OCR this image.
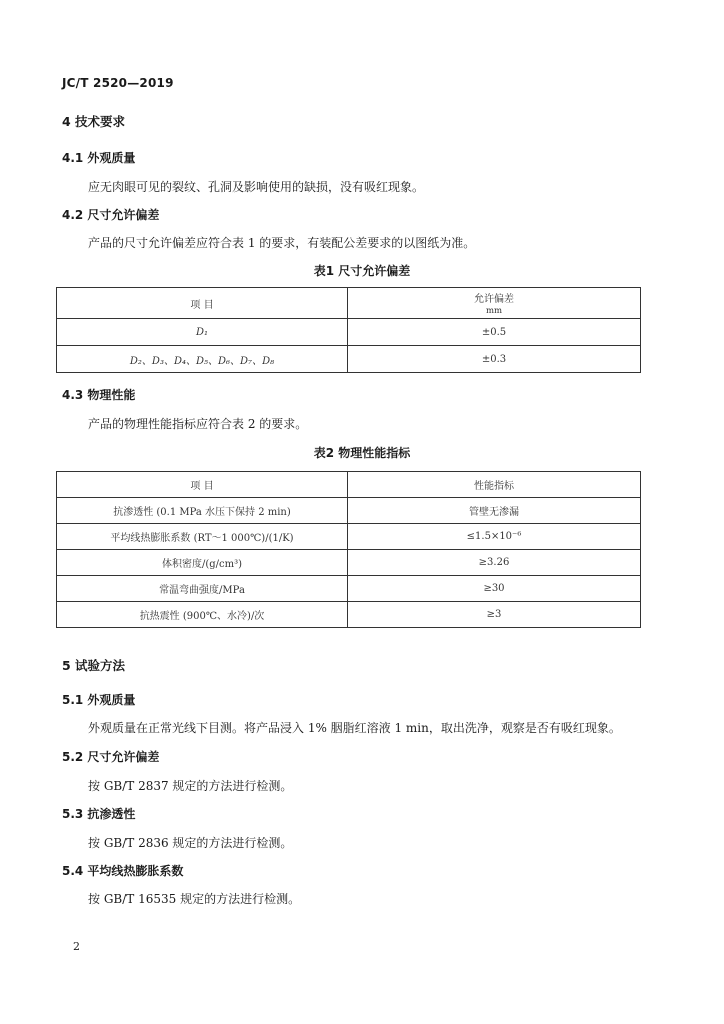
JC/T 2520—2019
4 技术要求
4.1 外观质量
应无肉眼可见的裂纹、孔洞及影响使用的缺损，没有吸红现象。
4.2 尺寸允许偏差
产品的尺寸允许偏差应符合表 1 的要求，有装配公差要求的以图纸为准。
表1 尺寸允许偏差
项 目	允许偏差
mm

D₁	±0.5
D₂、D₃、D₄、D₅、D₆、D₇、D₈	±0.3
4.3 物理性能
产品的物理性能指标应符合表 2 的要求。
表2 物理性能指标
项 目	性能指标
抗渗透性 (0.1 MPa 水压下保持 2 min)	管壁无渗漏
平均线热膨胀系数 (RT～1 000℃)/(1/K)	≤1.5×10⁻⁶
体积密度/(g/cm³)	≥3.26
常温弯曲强度/MPa	≥30
抗热震性 (900℃、水冷)/次	≥3
5 试验方法
5.1 外观质量
外观质量在正常光线下目测。将产品浸入 1% 胭脂红溶液 1 min，取出洗净，观察是否有吸红现象。
5.2 尺寸允许偏差
按 GB/T 2837 规定的方法进行检测。
5.3 抗渗透性
按 GB/T 2836 规定的方法进行检测。
5.4 平均线热膨胀系数
按 GB/T 16535 规定的方法进行检测。
2
